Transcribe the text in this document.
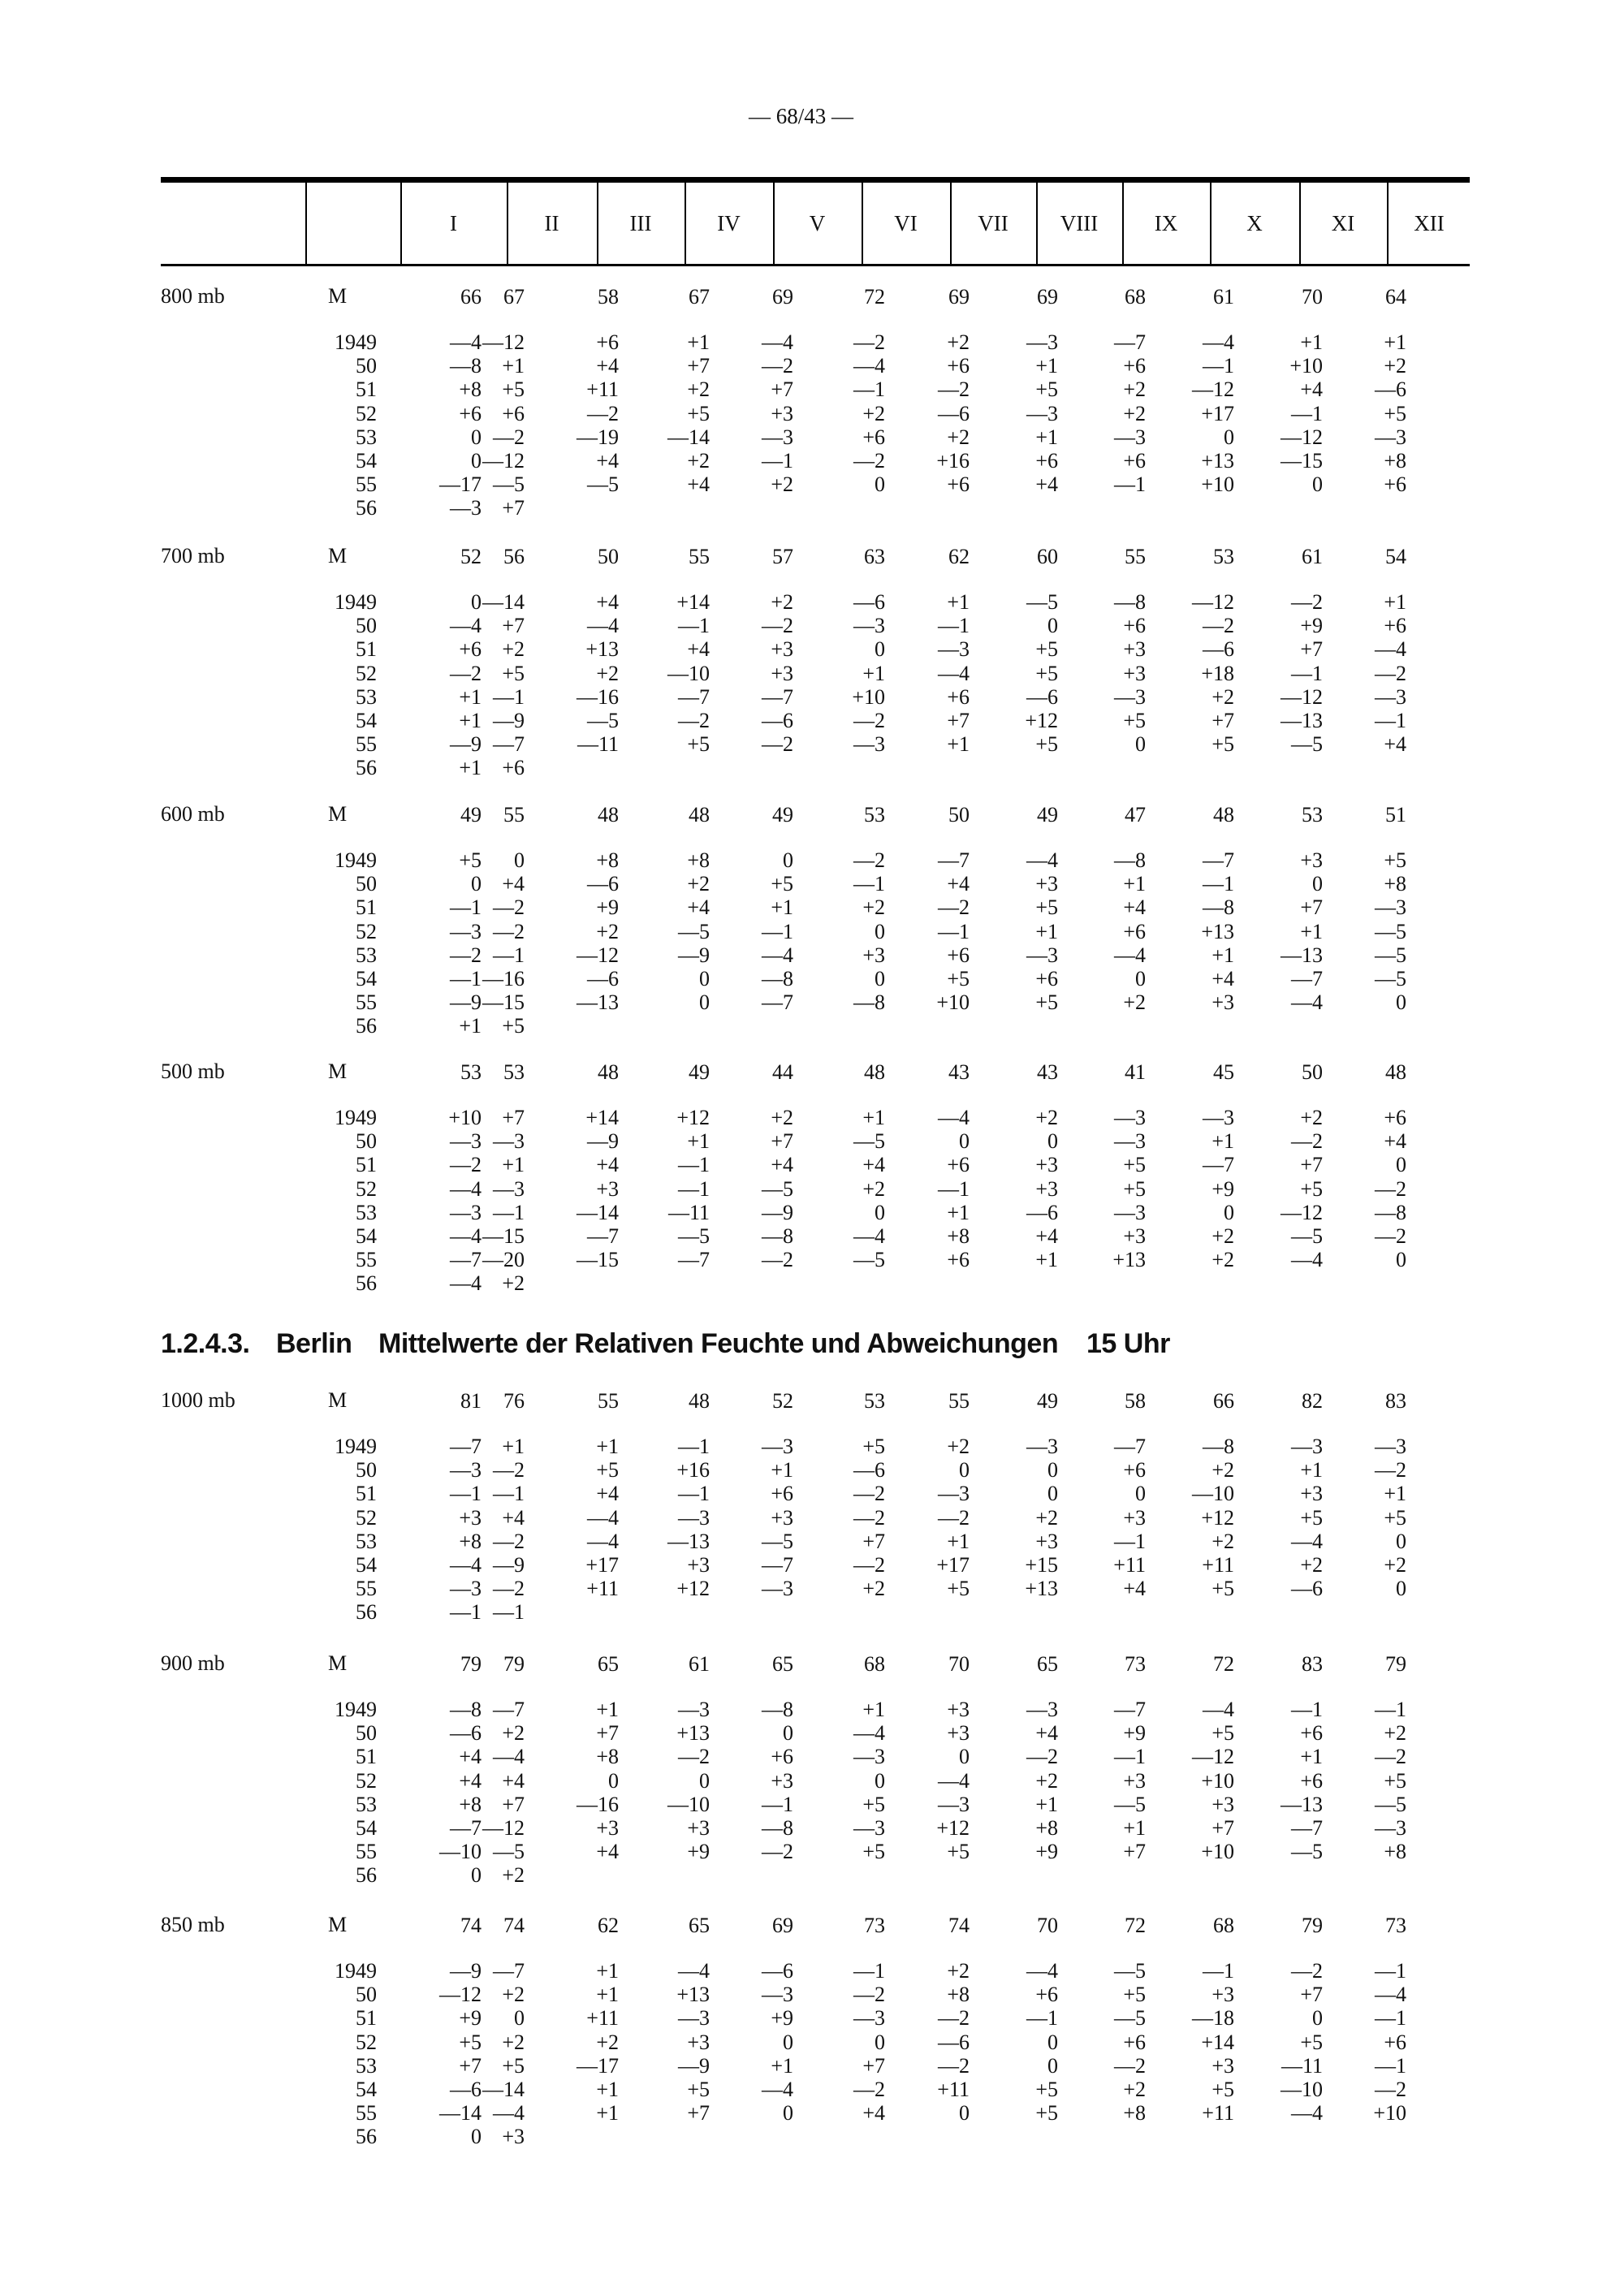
— 68/43 —
I	II	III	IV	V	VI	VII	VIII	IX	X	XI	XII
1.2.4.3. Berlin Mittelwerte der Relativen Feuchte und Abweichungen 15 Uhr
800 mb	M	66	67	58	67	69	72	69	69	68	61	70	64
1949	—4 —12	+6	+1	—4	—2	+2	—3	—7	—4	+1	+1
50	—8 +1	+4	+7	—2	—4	+6	+1	+6	—1	+10	+2
51	+8 +5	+11	+2	+7	—1	—2	+5	+2	—12	+4	—6
52	+6 +6	—2	+5	+3	+2	—6	—3	+2	+17	—1	+5
53	0 —2	—19	—14	—3	+6	+2	+1	—3	0	—12	—3
54	0 —12	+4	+2	—1	—2	+16	+6	+6	+13	—15	+8
55	—17 —5	—5	+4	+2	0	+6	+4	—1	+10	0	+6
56	—3 +7
700 mb	M	52	56	50	55	57	63	62	60	55	53	61	54
1949	0 —14	+4	+14	+2	—6	+1	—5	—8	—12	—2	+1
50	—4 +7	—4	—1	—2	—3	—1	0	+6	—2	+9	+6
51	+6 +2	+13	+4	+3	0	—3	+5	+3	—6	+7	—4
52	—2 +5	+2	—10	+3	+1	—4	+5	+3	+18	—1	—2
53	+1 —1	—16	—7	—7	+10	+6	—6	—3	+2	—12	—3
54	+1 —9	—5	—2	—6	—2	+7	+12	+5	+7	—13	—1
55	—9 —7	—11	+5	—2	—3	+1	+5	0	+5	—5	+4
56	+1 +6
600 mb	M	49	55	48	48	49	53	50	49	47	48	53	51
1949	+5	0	+8	+8	0	—2	—7	—4	—8	—7	+3	+5
50	0 +4	—6	+2	+5	—1	+4	+3	+1	—1	0	+8
51	—1 —2	+9	+4	+1	+2	—2	+5	+4	—8	+7	—3
52	—3 —2	+2	—5	—1	0	—1	+1	+6	+13	+1	—5
53	—2 —1	—12	—9	—4	+3	+6	—3	—4	+1	—13	—5
54	—1 —16	—6	0	—8	0	+5	+6	0	+4	—7	—5
55	—9 —15	—13	0	—7	—8	+10	+5	+2	+3	—4	0
56	+1 +5
500 mb	M	53	53	48	49	44	48	43	43	41	45	50	48
1949	+10 +7	+14	+12	+2	+1	—4	+2	—3	—3	+2	+6
50	—3 —3	—9	+1	+7	—5	0	0	—3	+1	—2	+4
51	—2 +1	+4	—1	+4	+4	+6	+3	+5	—7	+7	0
52	—4 —3	+3	—1	—5	+2	—1	+3	+5	+9	+5	—2
53	—3 —1	—14	—11	—9	0	+1	—6	—3	0	—12	—8
54	—4 —15	—7	—5	—8	—4	+8	+4	+3	+2	—5	—2
55	—7 —20	—15	—7	—2	—5	+6	+1	+13	+2	—4	0
56	—4 +2
1000 mb	M	81	76	55	48	52	53	55	49	58	66	82	83
1949	—7 +1	+1	—1	—3	+5	+2	—3	—7	—8	—3	—3
50	—3 —2	+5	+16	+1	—6	0	0	+6	+2	+1	—2
51	—1 —1	+4	—1	+6	—2	—3	0	0	—10	+3	+1
52	+3 +4	—4	—3	+3	—2	—2	+2	+3	+12	+5	+5
53	+8 —2	—4	—13	—5	+7	+1	+3	—1	+2	—4	0
54	—4 —9	+17	+3	—7	—2	+17	+15	+11	+11	+2	+2
55	—3 —2	+11	+12	—3	+2	+5	+13	+4	+5	—6	0
56	—1 —1
900 mb	M	79	79	65	61	65	68	70	65	73	72	83	79
1949	—8 —7	+1	—3	—8	+1	+3	—3	—7	—4	—1	—1
50	—6 +2	+7	+13	0	—4	+3	+4	+9	+5	+6	+2
51	+4 —4	+8	—2	+6	—3	0	—2	—1	—12	+1	—2
52	+4 +4	0	0	+3	0	—4	+2	+3	+10	+6	+5
53	+8 +7	—16	—10	—1	+5	—3	+1	—5	+3	—13	—5
54	—7 —12	+3	+3	—8	—3	+12	+8	+1	+7	—7	—3
55	—10 —5	+4	+9	—2	+5	+5	+9	+7	+10	—5	+8
56	0 +2
850 mb	M	74	74	62	65	69	73	74	70	72	68	79	73
1949	—9 —7	+1	—4	—6	—1	+2	—4	—5	—1	—2	—1
50	—12 +2	+1	+13	—3	—2	+8	+6	+5	+3	+7	—4
51	+9	0	+11	—3	+9	—3	—2	—1	—5	—18	0	—1
52	+5 +2	+2	+3	0	0	—6	0	+6	+14	+5	+6
53	+7 +5	—17	—9	+1	+7	—2	0	—2	+3	—11	—1
54	—6 —14	+1	+5	—4	—2	+11	+5	+2	+5	—10	—2
55	—14 —4	+1	+7	0	+4	0	+5	+8	+11	—4	+10
56	0 +3
